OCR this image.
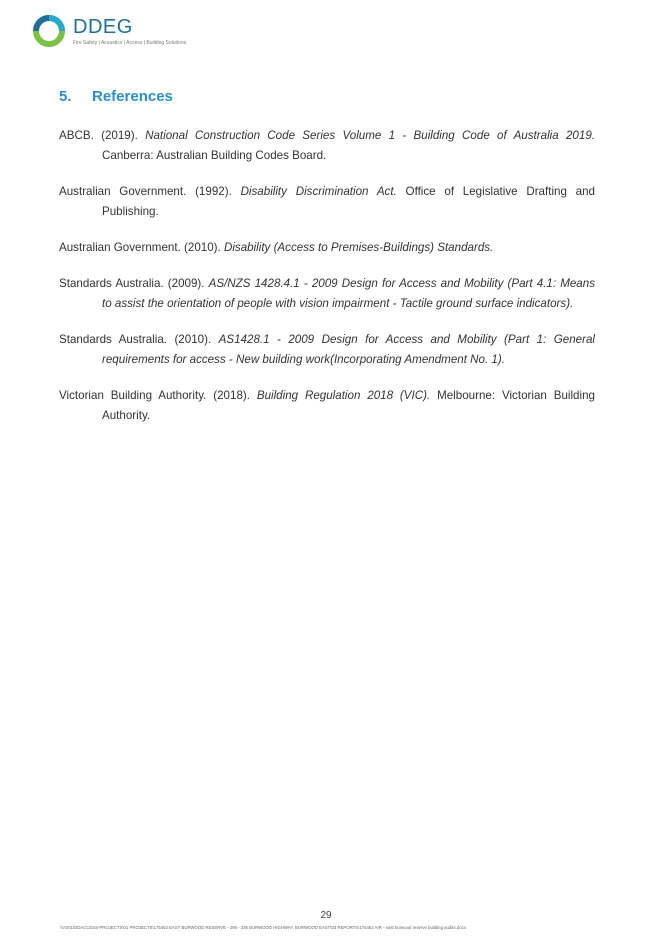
DDEG
Fire Safety | Acoustics | Access | Building Solutions
5. References
ABCB. (2019). National Construction Code Series Volume 1 - Building Code of Australia 2019. Canberra: Australian Building Codes Board.
Australian Government. (1992). Disability Discrimination Act. Office of Legislative Drafting and Publishing.
Australian Government. (2010). Disability (Access to Premises-Buildings) Standards.
Standards Australia. (2009). AS/NZS 1428.4.1 - 2009 Design for Access and Mobility (Part 4.1: Means to assist the orientation of people with vision impairment - Tactile ground surface indicators).
Standards Australia. (2010). AS1428.1 - 2009 Design for Access and Mobility (Part 1: General requirements for access - New building work(Incorporating Amendment No. 1).
Victorian Building Authority. (2018). Building Regulation 2018 (VIC). Melbourne: Victorian Building Authority.
29
\\VS01\DDACCESS-PROJECTS\01 PROJECTS\175452 EAST BURWOOD RESERVE - 298 - 336 BURWOOD HIGHWAY, BURWOOD EAST\03 REPORTS\175452 AIR - east burwood reserve building audits.docx
